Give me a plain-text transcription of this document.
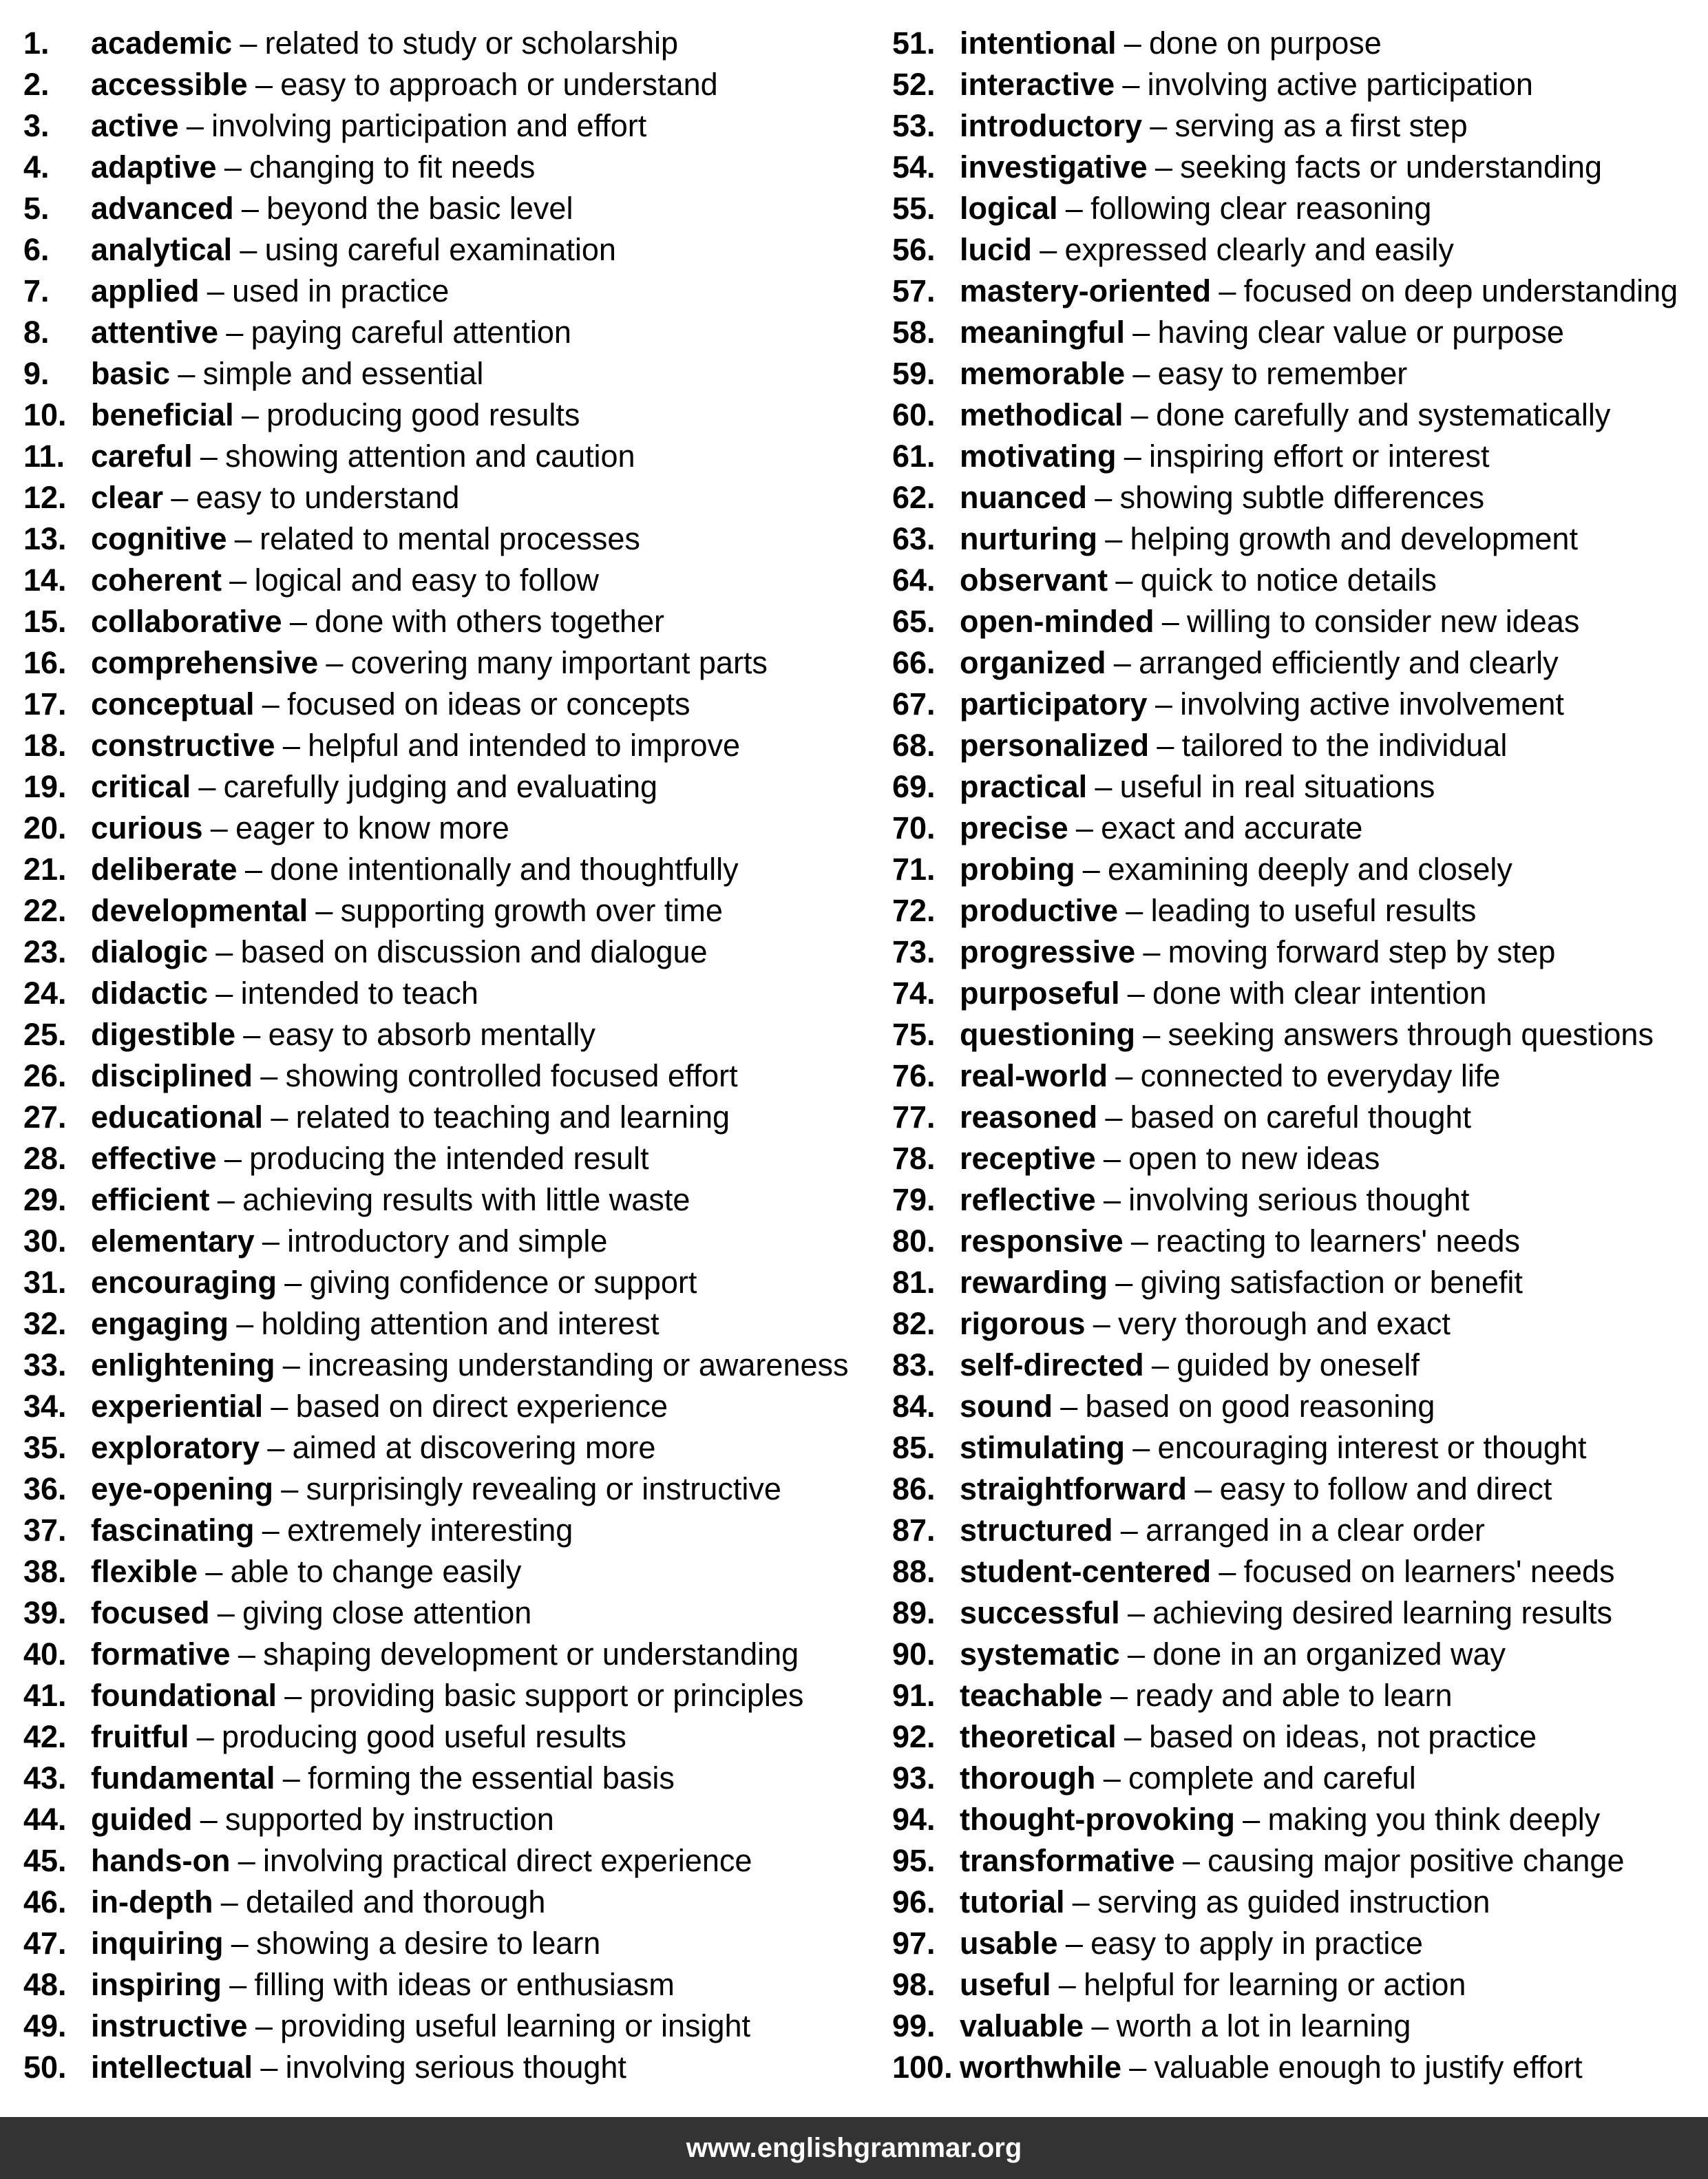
1.	academic – related to study or scholarship
2.	accessible – easy to approach or understand
3.	active – involving participation and effort
4.	adaptive – changing to fit needs
5.	advanced – beyond the basic level
6.	analytical – using careful examination
7.	applied – used in practice
8.	attentive – paying careful attention
9.	basic – simple and essential
10. beneficial – producing good results
11. careful – showing attention and caution
12. clear – easy to understand
13. cognitive – related to mental processes
14. coherent – logical and easy to follow
15. collaborative – done with others together
16. comprehensive – covering many important parts
17. conceptual – focused on ideas or concepts
18. constructive – helpful and intended to improve
19. critical – carefully judging and evaluating
20. curious – eager to know more
21. deliberate – done intentionally and thoughtfully
22. developmental – supporting growth over time
23. dialogic – based on discussion and dialogue
24. didactic – intended to teach
25. digestible – easy to absorb mentally
26. disciplined – showing controlled focused effort
27. educational – related to teaching and learning
28. effective – producing the intended result
29. efficient – achieving results with little waste
30. elementary – introductory and simple
31. encouraging – giving confidence or support
32. engaging – holding attention and interest
33. enlightening – increasing understanding or awareness
34. experiential – based on direct experience
35. exploratory – aimed at discovering more
36. eye-opening – surprisingly revealing or instructive
37. fascinating – extremely interesting
38. flexible – able to change easily
39. focused – giving close attention
40. formative – shaping development or understanding
41. foundational – providing basic support or principles
42. fruitful – producing good useful results
43. fundamental – forming the essential basis
44. guided – supported by instruction
45. hands-on – involving practical direct experience
46. in-depth – detailed and thorough
47. inquiring – showing a desire to learn
48. inspiring – filling with ideas or enthusiasm
49. instructive – providing useful learning or insight
50. intellectual – involving serious thought
51. intentional – done on purpose
52. interactive – involving active participation
53. introductory – serving as a first step
54. investigative – seeking facts or understanding
55. logical – following clear reasoning
56. lucid – expressed clearly and easily
57. mastery-oriented – focused on deep understanding
58. meaningful – having clear value or purpose
59. memorable – easy to remember
60. methodical – done carefully and systematically
61. motivating – inspiring effort or interest
62. nuanced – showing subtle differences
63. nurturing – helping growth and development
64. observant – quick to notice details
65. open-minded – willing to consider new ideas
66. organized – arranged efficiently and clearly
67. participatory – involving active involvement
68. personalized – tailored to the individual
69. practical – useful in real situations
70. precise – exact and accurate
71. probing – examining deeply and closely
72. productive – leading to useful results
73. progressive – moving forward step by step
74. purposeful – done with clear intention
75. questioning – seeking answers through questions
76. real-world – connected to everyday life
77. reasoned – based on careful thought
78. receptive – open to new ideas
79. reflective – involving serious thought
80. responsive – reacting to learners' needs
81. rewarding – giving satisfaction or benefit
82. rigorous – very thorough and exact
83. self-directed – guided by oneself
84. sound – based on good reasoning
85. stimulating – encouraging interest or thought
86. straightforward – easy to follow and direct
87. structured – arranged in a clear order
88. student-centered – focused on learners' needs
89. successful – achieving desired learning results
90. systematic – done in an organized way
91. teachable – ready and able to learn
92. theoretical – based on ideas, not practice
93. thorough – complete and careful
94. thought-provoking – making you think deeply
95. transformative – causing major positive change
96. tutorial – serving as guided instruction
97. usable – easy to apply in practice
98. useful – helpful for learning or action
99. valuable – worth a lot in learning
100. worthwhile – valuable enough to justify effort
www.englishgrammar.org
